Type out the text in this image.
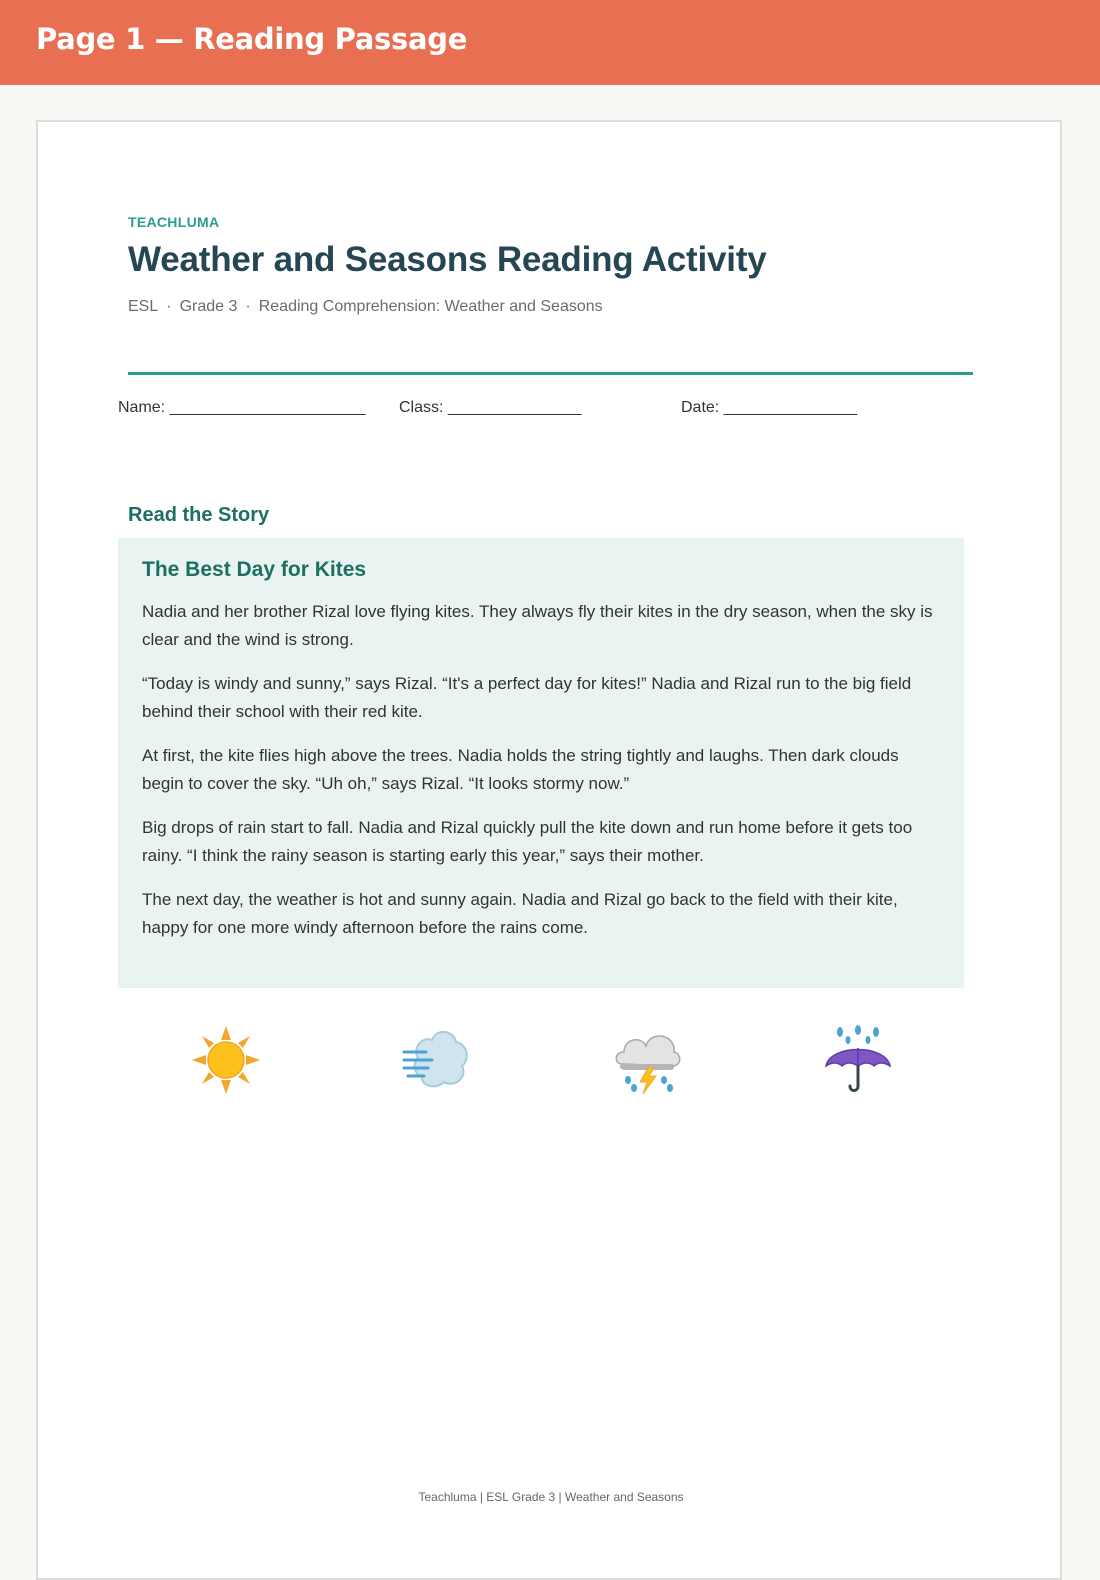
Page 1 — Reading Passage
TEACHLUMA
Weather and Seasons Reading Activity
ESL · Grade 3 · Reading Comprehension: Weather and Seasons
Name: ______________________ Class: _______________	Date: _______________
Read the Story
The Best Day for Kites

Nadia and her brother Rizal love flying kites. They always fly their kites in the dry season, when the sky is clear and the wind is strong.

“Today is windy and sunny,” says Rizal. “It's a perfect day for kites!” Nadia and Rizal run to the big field behind their school with their red kite.

At first, the kite flies high above the trees. Nadia holds the string tightly and laughs. Then dark clouds begin to cover the sky. “Uh oh,” says Rizal. “It looks stormy now.”

Big drops of rain start to fall. Nadia and Rizal quickly pull the kite down and run home before it gets too rainy. “I think the rainy season is starting early this year,” says their mother.

The next day, the weather is hot and sunny again. Nadia and Rizal go back to the field with their kite, happy for one more windy afternoon before the rains come.

Teachluma | ESL Grade 3 | Weather and Seasons
